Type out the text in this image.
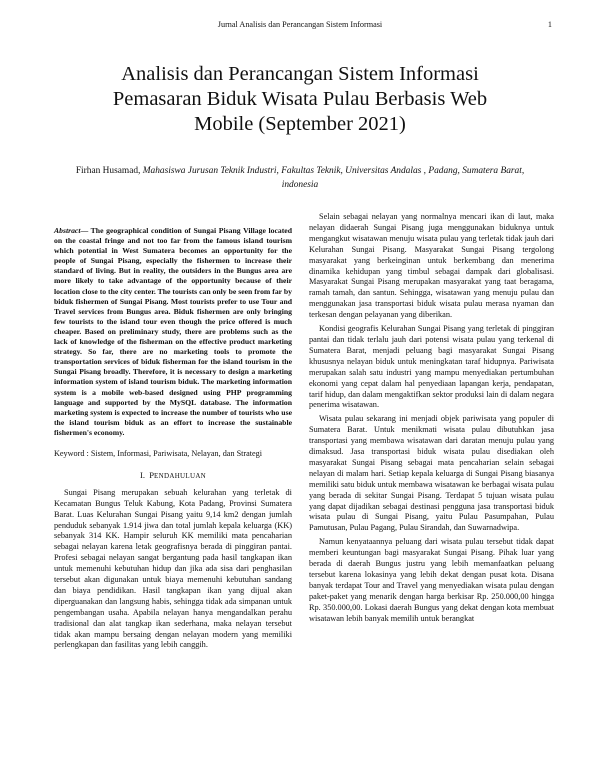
Jurnal Analisis dan Perancangan Sistem Informasi	1
Analisis dan Perancangan Sistem Informasi
Pemasaran Biduk Wisata Pulau Berbasis Web
Mobile (September 2021)
Firhan Husamad, Mahasiswa Jurusan Teknik Industri, Fakultas Teknik, Universitas Andalas , Padang, Sumatera Barat, indonesia

Abstract— The geographical condition of Sungai Pisang Village located on the coastal fringe and not too far from the famous island tourism which potential in West Sumatera becomes an opportunity for the people of Sungai Pisang, especially the fishermen to increase their standard of living. But in reality, the outsiders in the Bungus area are more likely to take advantage of the opportunity because of their location close to the city center. The tourists can only be seen from far by biduk fishermen of Sungai Pisang. Most tourists prefer to use Tour and Travel services from Bungus area. Biduk fishermen are only bringing few tourists to the island tour even though the price offered is much cheaper. Based on preliminary study, there are problems such as the lack of knowledge of the fisherman on the effective product marketing strategy. So far, there are no marketing tools to promote the transportation services of biduk fisherman for the island tourism in the Sungai Pisang broadly. Therefore, it is necessary to design a marketing information system of island tourism biduk. The marketing information system is a mobile web-based designed using PHP programming language and supported by the MySQL database. The information marketing system is expected to increase the number of tourists who use the island tourism biduk as an effort to increase the sustainable fishermen's economy.

Keyword : Sistem, Informasi, Pariwisata, Nelayan, dan Strategi

I. PENDAHULUAN

Sungai Pisang merupakan sebuah kelurahan yang terletak di Kecamatan Bungus Teluk Kabung, Kota Padang, Provinsi Sumatera Barat. Luas Kelurahan Sungai Pisang yaitu 9,14 km2 dengan jumlah penduduk sebanyak 1.914 jiwa dan total jumlah kepala keluarga (KK) sebanyak 314 KK. Hampir seluruh KK memiliki mata pencaharian sebagai nelayan karena letak geografisnya berada di pinggiran pantai. Profesi sebagai nelayan sangat bergantung pada hasil tangkapan ikan untuk memenuhi kebutuhan hidup dan jika ada sisa dari penghasilan tersebut akan digunakan untuk biaya memenuhi kebutuhan sandang dan biaya pendidikan. Hasil tangkapan ikan yang dijual akan diperguanakan dan langsung habis, sehingga tidak ada simpanan untuk pengembangan usaha. Apabila nelayan hanya mengandalkan perahu tradisional dan alat tangkap ikan sederhana, maka nelayan tersebut tidak akan mampu bersaing dengan nelayan modern yang memiliki perlengkapan dan fasilitas yang lebih canggih.

Selain sebagai nelayan yang normalnya mencari ikan di laut, maka nelayan didaerah Sungai Pisang juga menggunakan biduknya untuk mengangkut wisatawan menuju wisata pulau yang terletak tidak jauh dari Kelurahan Sungai Pisang. Masyarakat Sungai Pisang tergolong masyarakat yang berkeinginan untuk berkembang dan menerima dinamika kehidupan yang timbul sebagai dampak dari globalisasi. Masyarakat Sungai Pisang merupakan masyarakat yang taat beragama, ramah tamah, dan santun. Sehingga, wisatawan yang menuju pulau dan menggunakan jasa transportasi biduk wisata pulau merasa nyaman dan terkesan dengan pelayanan yang diberikan.

Kondisi geografis Kelurahan Sungai Pisang yang terletak di pinggiran pantai dan tidak terlalu jauh dari potensi wisata pulau yang terkenal di Sumatera Barat, menjadi peluang bagi masyarakat Sungai Pisang khususnya nelayan biduk untuk meningkatan taraf hidupnya. Pariwisata merupakan salah satu industri yang mampu menyediakan pertumbuhan ekonomi yang cepat dalam hal penyediaan lapangan kerja, pendapatan, tarif hidup, dan dalam mengaktifkan sektor produksi lain di dalam negara penerima wisatawan.

Wisata pulau sekarang ini menjadi objek pariwisata yang populer di Sumatera Barat. Untuk menikmati wisata pulau dibutuhkan jasa transportasi yang membawa wisatawan dari daratan menuju pulau yang dimaksud. Jasa transportasi biduk wisata pulau disediakan oleh masyarakat Sungai Pisang sebagai mata pencaharian selain sebagai nelayan di malam hari. Setiap kepala keluarga di Sungai Pisang biasanya memiliki satu biduk untuk membawa wisatawan ke berbagai wisata pulau yang berada di sekitar Sungai Pisang. Terdapat 5 tujuan wisata pulau yang dapat dijadikan sebagai destinasi pengguna jasa transportasi biduk wisata pulau di Sungai Pisang, yaitu Pulau Pasumpahan, Pulau Pamutusan, Pulau Pagang, Pulau Sirandah, dan Suwarnadwipa.

Namun kenyataannya peluang dari wisata pulau tersebut tidak dapat memberi keuntungan bagi masyarakat Sungai Pisang. Pihak luar yang berada di daerah Bungus justru yang lebih memanfaatkan peluang tersebut karena lokasinya yang lebih dekat dengan pusat kota. Disana banyak terdapat Tour and Travel yang menyediakan wisata pulau dengan paket-paket yang menarik dengan harga berkisar Rp. 250.000,00 hingga Rp. 350.000,00. Lokasi daerah Bungus yang dekat dengan kota membuat wisatawan lebih banyak memilih untuk berangkat
